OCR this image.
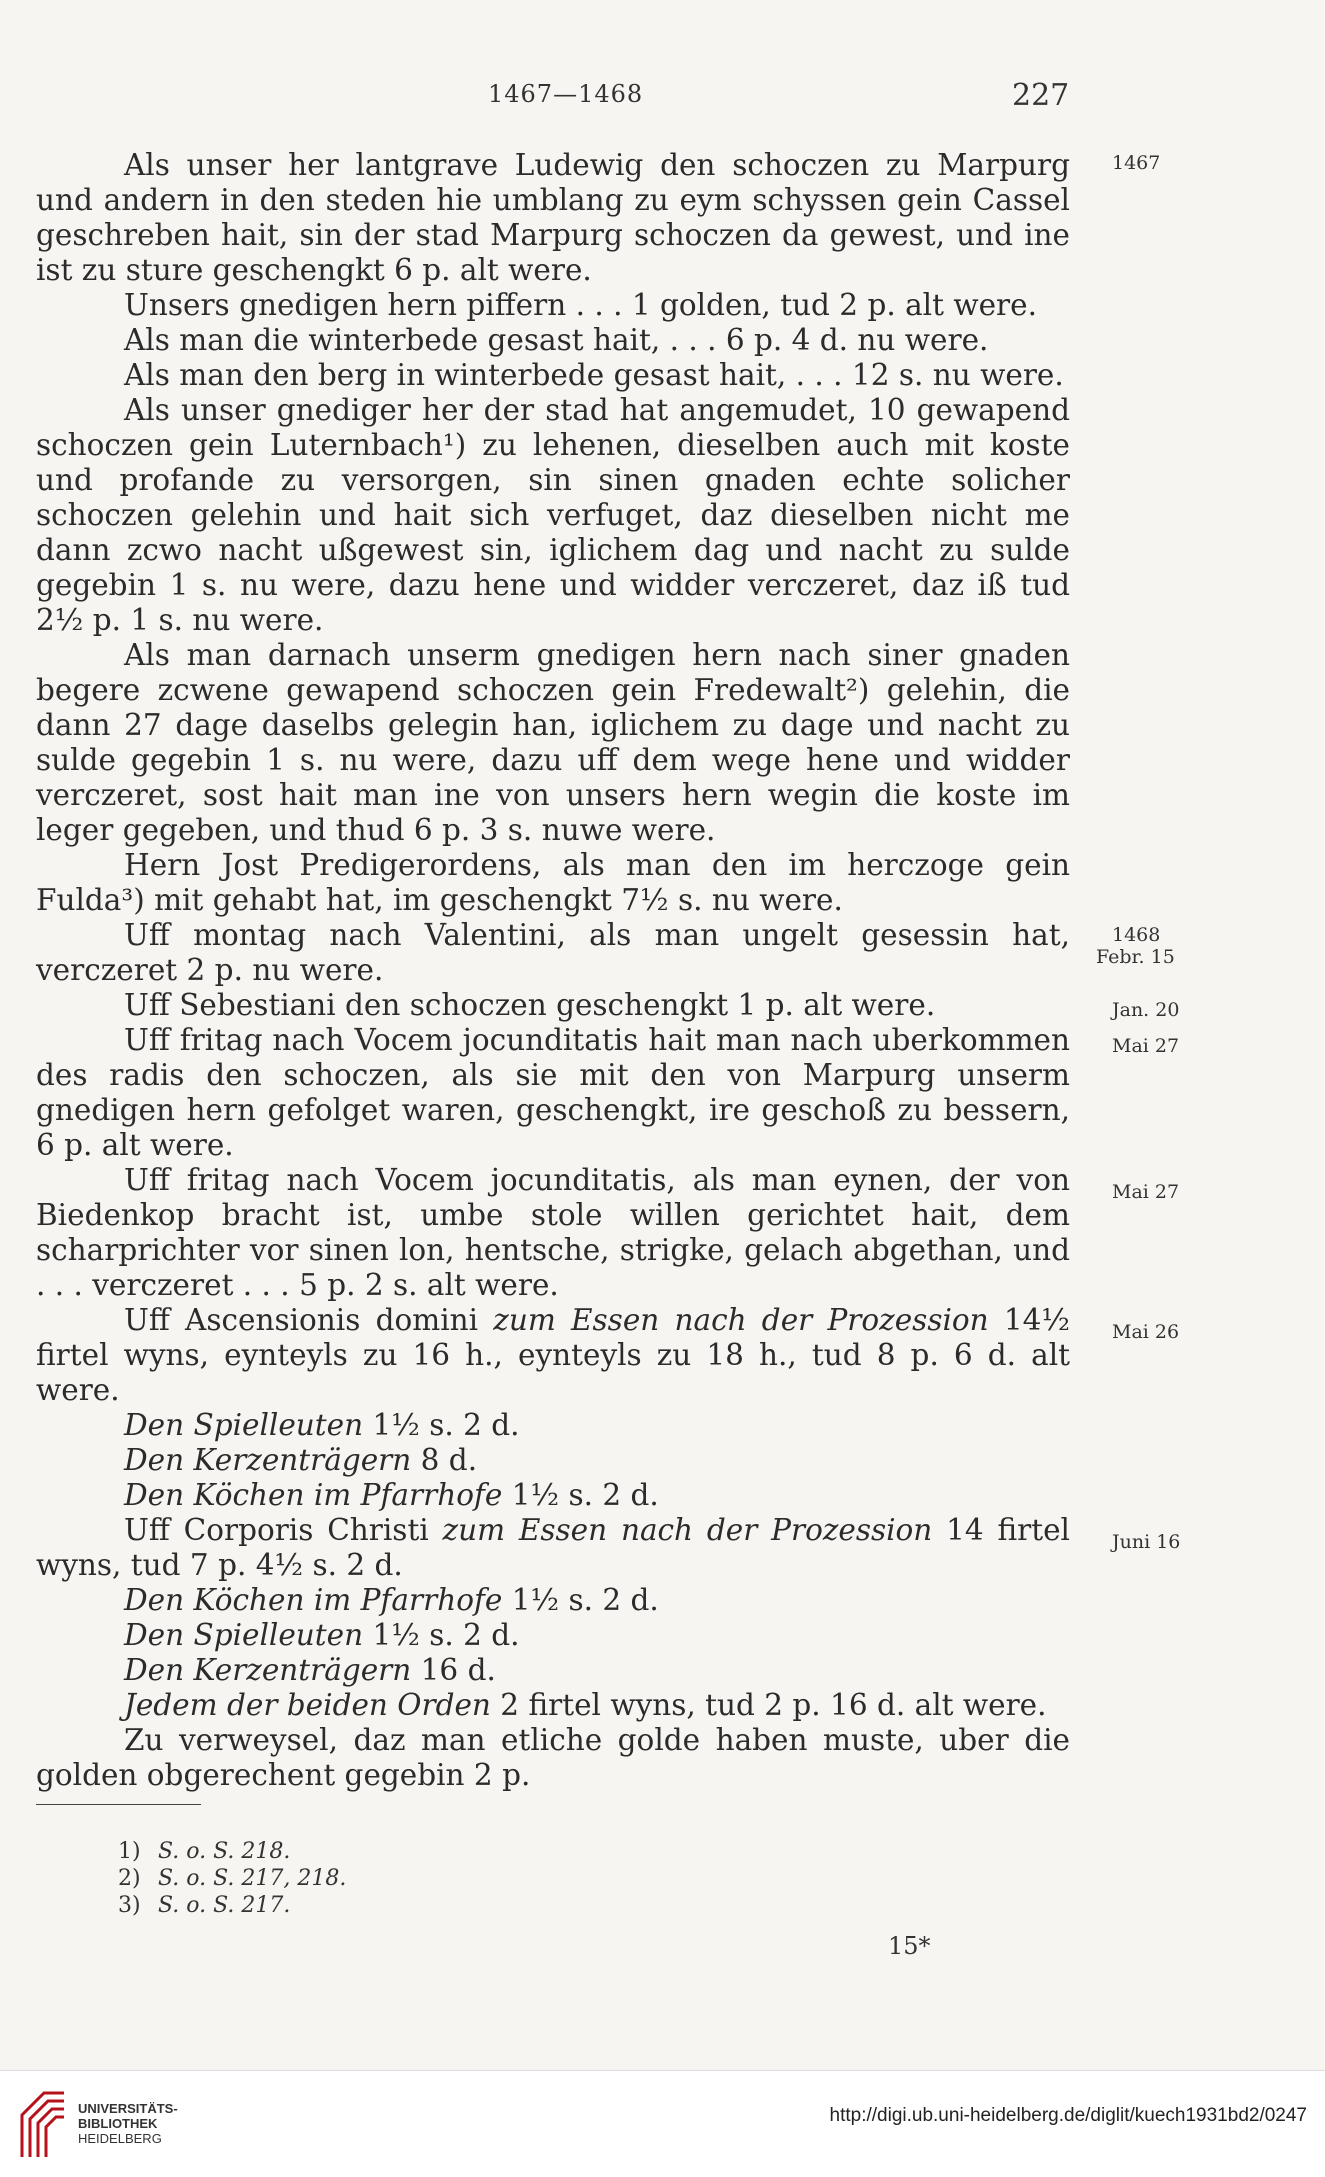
1467—1468	227

Als unser her lantgrave Ludewig den schoczen zu Marpurg und andern in den steden hie umblang zu eym schyssen gein Cassel geschreben hait, sin der stad Marpurg schoczen da gewest, und ine ist zu sture geschengkt 6 p. alt were.

Unsers gnedigen hern piffern . . . 1 golden, tud 2 p. alt were.

Als man die winterbede gesast hait, . . . 6 p. 4 d. nu were.

Als man den berg in winterbede gesast hait, . . . 12 s. nu were.

Als unser gnediger her der stad hat angemudet, 10 gewapend schoczen gein Luternbach¹) zu lehenen, dieselben auch mit koste und profande zu versorgen, sin sinen gnaden echte solicher schoczen gelehin und hait sich verfuget, daz dieselben nicht me dann zcwo nacht ußgewest sin, iglichem dag und nacht zu sulde gegebin 1 s. nu were, dazu hene und widder verczeret, daz iß tud 2½ p. 1 s. nu were.

Als man darnach unserm gnedigen hern nach siner gnaden begere zcwene gewapend schoczen gein Fredewalt²) gelehin, die dann 27 dage daselbs gelegin han, iglichem zu dage und nacht zu sulde gegebin 1 s. nu were, dazu uff dem wege hene und widder verczeret, sost hait man ine von unsers hern wegin die koste im leger gegeben, und thud 6 p. 3 s. nuwe were.

Hern Jost Predigerordens, als man den im herczoge gein Fulda³) mit gehabt hat, im geschengkt 7½ s. nu were.

Uff montag nach Valentini, als man ungelt gesessin hat, verczeret 2 p. nu were.

Uff Sebestiani den schoczen geschengkt 1 p. alt were.

Uff fritag nach Vocem jocunditatis hait man nach uberkommen des radis den schoczen, als sie mit den von Marpurg unserm gnedigen hern gefolget waren, geschengkt, ire geschoß zu bessern, 6 p. alt were.

Uff fritag nach Vocem jocunditatis, als man eynen, der von Biedenkop bracht ist, umbe stole willen gerichtet hait, dem scharprichter vor sinen lon, hentsche, strigke, gelach abgethan, und . . . verczeret . . . 5 p. 2 s. alt were.

Uff Ascensionis domini zum Essen nach der Prozession 14½ firtel wyns, eynteyls zu 16 h., eynteyls zu 18 h., tud 8 p. 6 d. alt were.

Den Spielleuten 1½ s. 2 d.

Den Kerzenträgern 8 d.

Den Köchen im Pfarrhofe 1½ s. 2 d.

Uff Corporis Christi zum Essen nach der Prozession 14 firtel wyns, tud 7 p. 4½ s. 2 d.

Den Köchen im Pfarrhofe 1½ s. 2 d.

Den Spielleuten 1½ s. 2 d.

Den Kerzenträgern 16 d.

Jedem der beiden Orden 2 firtel wyns, tud 2 p. 16 d. alt were.

Zu verweysel, daz man etliche golde haben muste, uber die golden obgerechent gegebin 2 p.

1467
1468
Febr. 15
Jan. 20
Mai 27
Mai 27
Mai 26
Juni 16
1) S. o. S. 218.
2) S. o. S. 217, 218.
3) S. o. S. 217.
15*
UNIVERSITÄTS-
BIBLIOTHEK
HEIDELBERG
http://digi.ub.uni-heidelberg.de/diglit/kuech1931bd2/0247
